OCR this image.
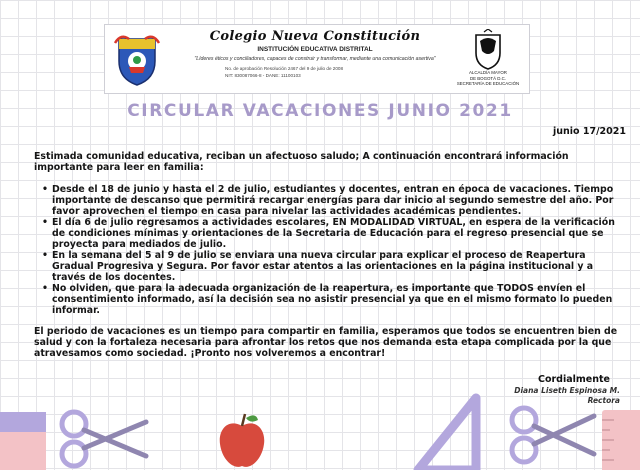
Colegio Nueva Constitución
INSTITUCIÓN EDUCATIVA DISTRITAL
"Líderes éticos y conciliadores, capaces de construir y transformar, mediante una comunicación asertiva"
No. de aprobación Resolución 2467 del 9 de julio de 2008
NIT: 830087066-8 - DANE: 11100103
ALCALDÍA MAYOR
DE BOGOTÁ D.C.
SECRETARÍA DE EDUCACIÓN
CIRCULAR VACACIONES JUNIO 2021
junio 17/2021

Estimada comunidad educativa, reciban un afectuoso saludo; A continuación encontrará información importante para leer en familia:

• Desde el 18 de junio y hasta el 2 de julio, estudiantes y docentes, entran en época de vacaciones. Tiempo importante de descanso que permitirá recargar energías para dar inicio al segundo semestre del año. Por favor aprovechen el tiempo en casa para nivelar las actividades académicas pendientes.
• El día 6 de julio regresamos a actividades escolares, EN MODALIDAD VIRTUAL, en espera de la verificación de condiciones mínimas y orientaciones de la Secretaria de Educación para el regreso presencial que se proyecta para mediados de julio.
• En la semana del 5 al 9 de julio se enviara una nueva circular para explicar el proceso de Reapertura Gradual Progresiva y Segura. Por favor estar atentos a las orientaciones en la página institucional y a través de los docentes.
• No olviden, que para la adecuada organización de la reapertura, es importante que TODOS envíen el consentimiento informado, así la decisión sea no asistir presencial ya que en el mismo formato lo pueden informar.

El periodo de vacaciones es un tiempo para compartir en familia, esperamos que todos se encuentren bien de salud y con la fortaleza necesaria para afrontar los retos que nos demanda esta etapa complicada por la que atravesamos como sociedad. ¡Pronto nos volveremos a encontrar!

Cordialmente
Diana Liseth Espinosa M.
Rectora
